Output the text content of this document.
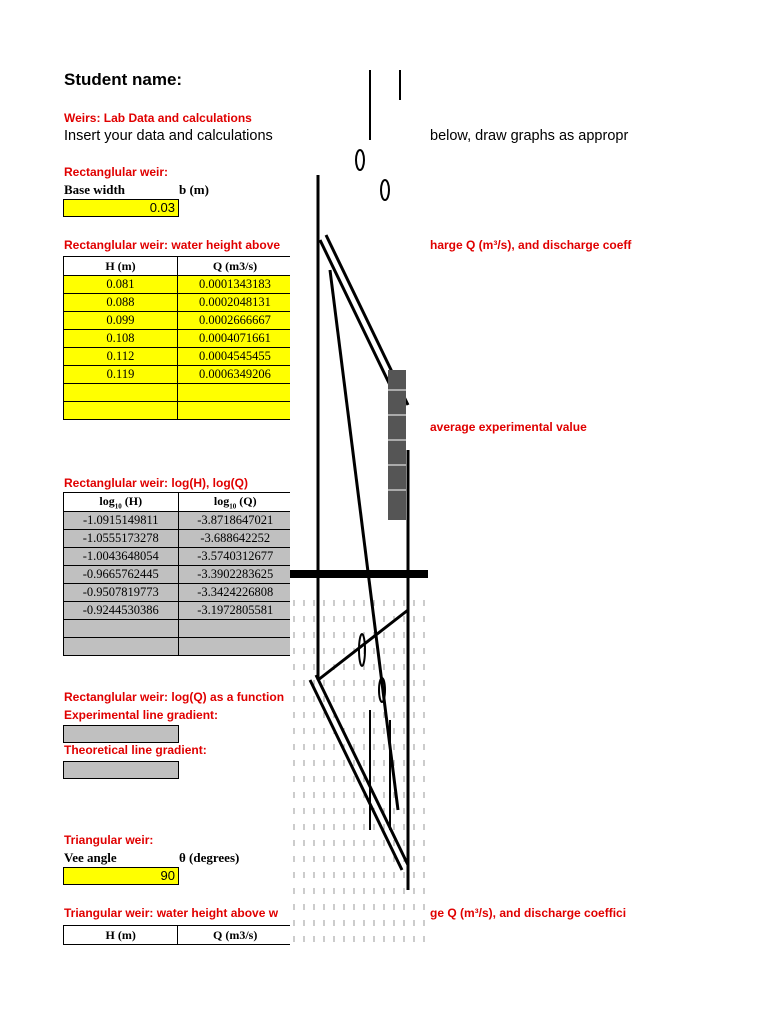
Student name:
Weirs: Lab Data and calculations
Insert your data and calculations	below, draw graphs as appropr
Rectanglular weir:
Base width	b (m)
0.03
Rectanglular weir: water height above	harge Q (m³/s), and discharge coeff
H (m)	Q (m3/s)
0.081	0.0001343183
0.088	0.0002048131
0.099	0.0002666667
0.108	0.0004071661
0.112	0.0004545455
0.119	0.0006349206

average experimental value
Rectanglular weir: log(H), log(Q)
$\log_{10} (H)$	$\log_{10} (Q)$
-1.0915149811	-3.8718647021
-1.0555173278	-3.688642252
-1.0043648054	-3.5740312677
-0.9665762445	-3.3902283625
-0.9507819773	-3.3424226808
-0.9244530386	-3.1972805581

Rectanglular weir: log(Q) as a function
Experimental line gradient:
Theoretical line gradient:
Triangular weir:
Vee angle	θ (degrees)
90
Triangular weir: water height above w	ge Q (m³/s), and discharge coeffici
H (m)	Q (m3/s)
